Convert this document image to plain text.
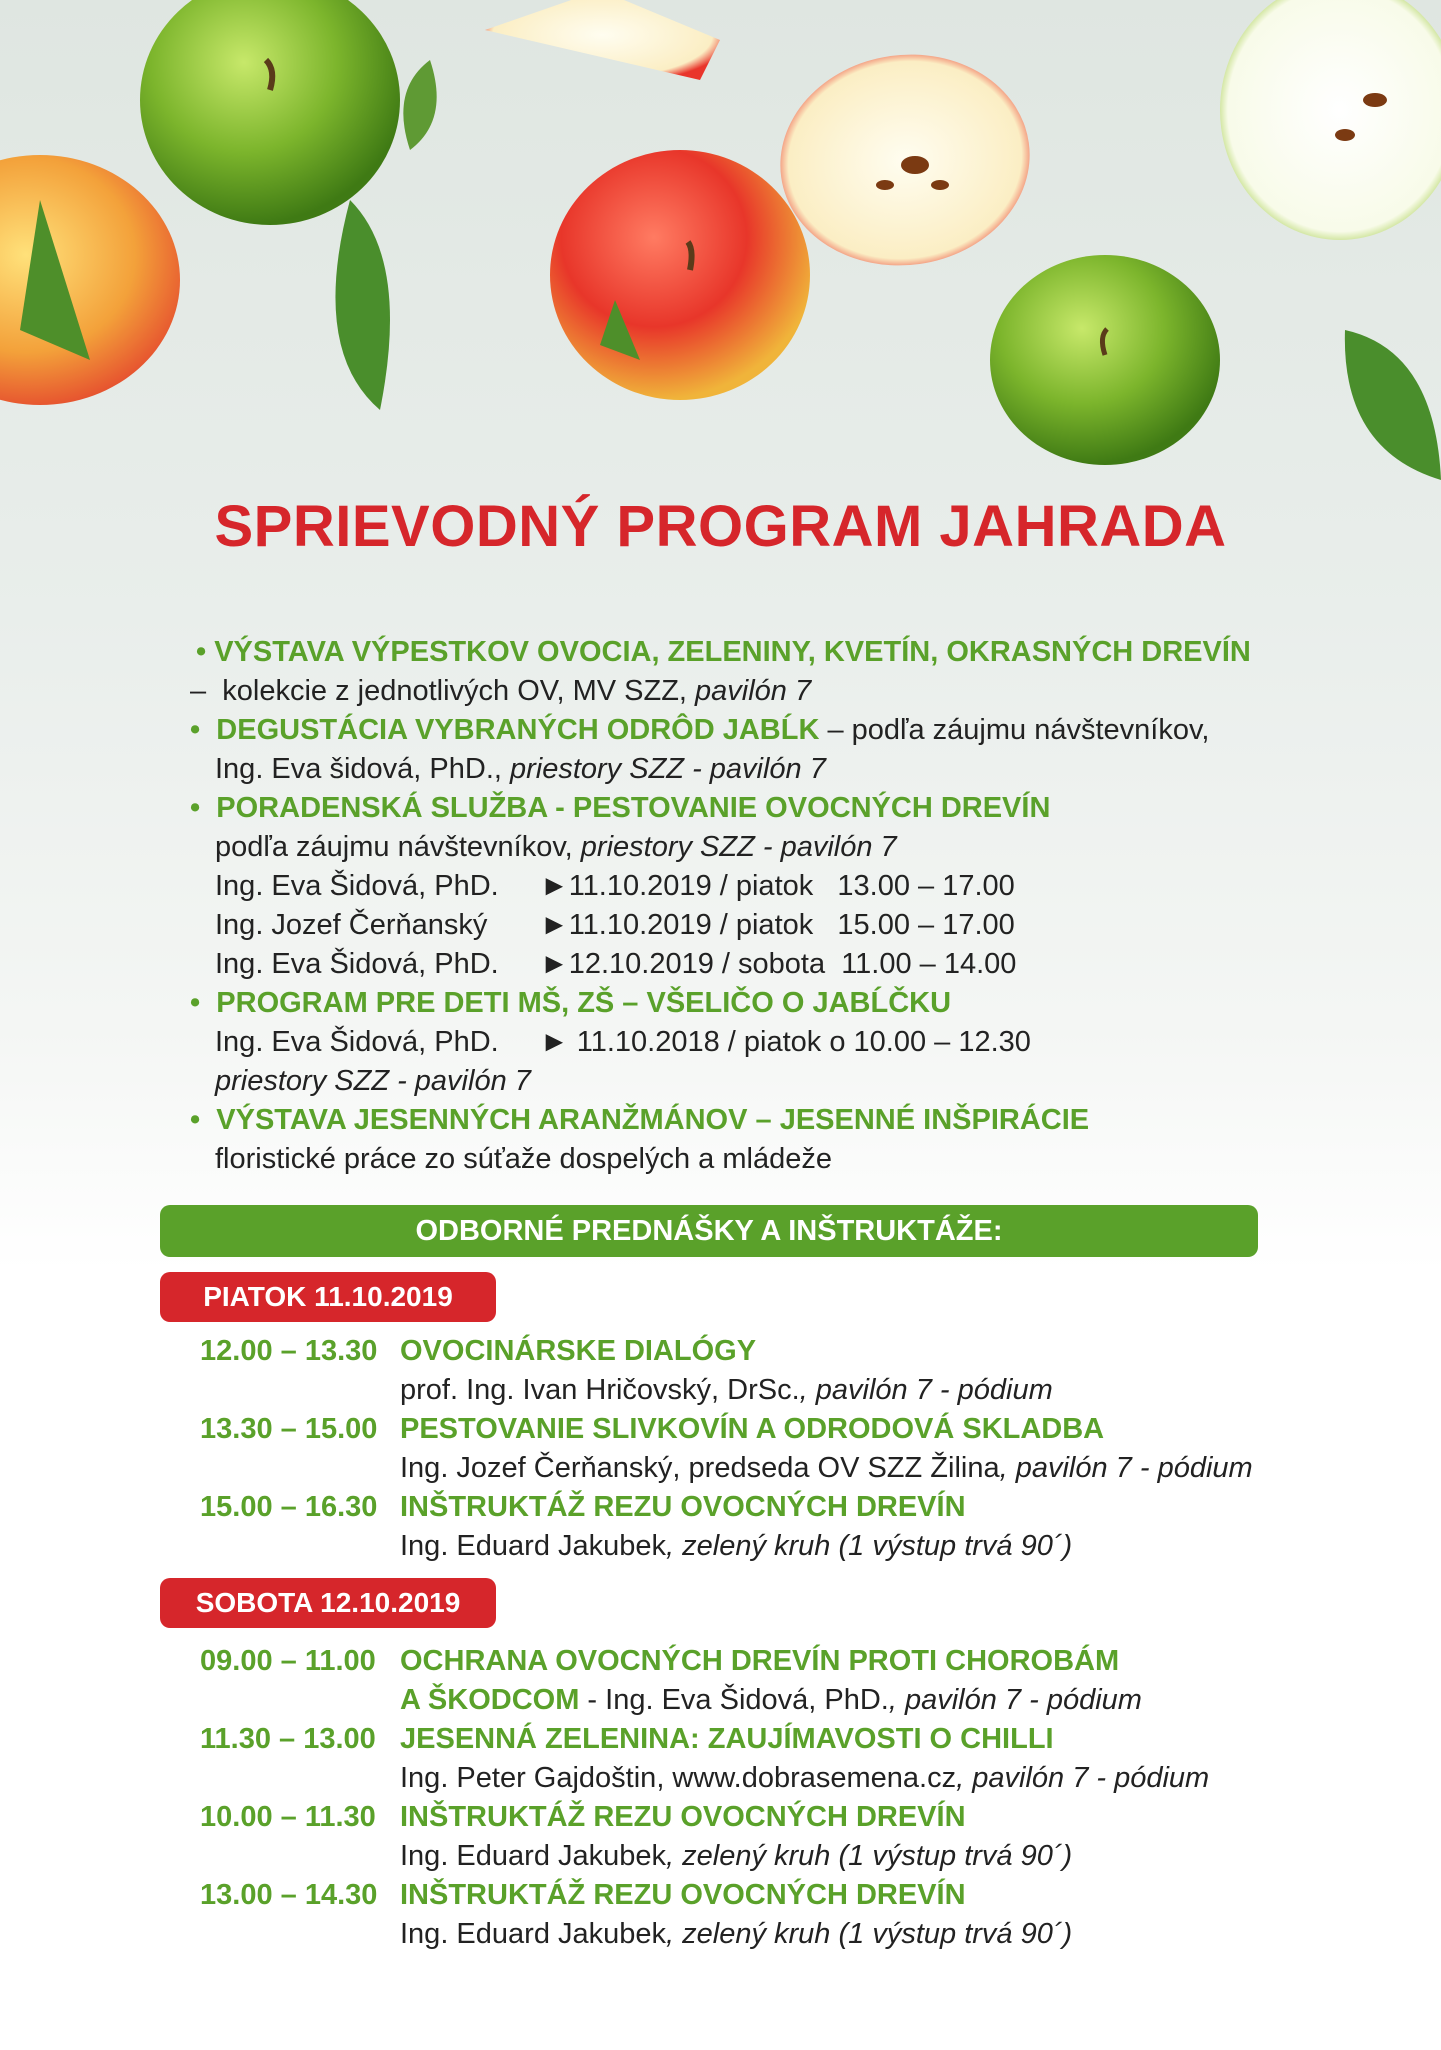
SPRIEVODNÝ PROGRAM JAHRADA
• VÝSTAVA VÝPESTKOV OVOCIA, ZELENINY, KVETÍN, OKRASNÝCH DREVÍN
– kolekcie z jednotlivých OV, MV SZZ, pavilón 7
• DEGUSTÁCIA VYBRANÝCH ODRÔD JABĹK – podľa záujmu návštevníkov,
Ing. Eva šidová, PhD., priestory SZZ - pavilón 7
• PORADENSKÁ SLUŽBA - PESTOVANIE OVOCNÝCH DREVÍN
podľa záujmu návštevníkov, priestory SZZ - pavilón 7
Ing. Eva Šidová, PhD. ►11.10.2019 / piatok   13.00 – 17.00
Ing. Jozef Čerňanský ►11.10.2019 / piatok   15.00 – 17.00
Ing. Eva Šidová, PhD. ►12.10.2019 / sobota  11.00 – 14.00
• PROGRAM PRE DETI MŠ, ZŠ – VŠELIČO O JABĹČKU
Ing. Eva Šidová, PhD. ► 11.10.2018 / piatok o 10.00 – 12.30
priestory SZZ - pavilón 7
• VÝSTAVA JESENNÝCH ARANŽMÁNOV – JESENNÉ INŠPIRÁCIE
floristické práce zo súťaže dospelých a mládeže
ODBORNÉ PREDNÁŠKY A INŠTRUKTÁŽE:
PIATOK 11.10.2019
12.00 – 13.30 OVOCINÁRSKE DIALÓGY
prof. Ing. Ivan Hričovský, DrSc., pavilón 7 - pódium
13.30 – 15.00 PESTOVANIE SLIVKOVÍN A ODRODOVÁ SKLADBA
Ing. Jozef Čerňanský, predseda OV SZZ Žilina, pavilón 7 - pódium
15.00 – 16.30 INŠTRUKTÁŽ REZU OVOCNÝCH DREVÍN
Ing. Eduard Jakubek, zelený kruh (1 výstup trvá 90´)
SOBOTA 12.10.2019
09.00 – 11.00 OCHRANA OVOCNÝCH DREVÍN PROTI CHOROBÁM
A ŠKODCOM - Ing. Eva Šidová, PhD., pavilón 7 - pódium
11.30 – 13.00 JESENNÁ ZELENINA: ZAUJÍMAVOSTI O CHILLI
Ing. Peter Gajdoštin, www.dobrasemena.cz, pavilón 7 - pódium
10.00 – 11.30 INŠTRUKTÁŽ REZU OVOCNÝCH DREVÍN
Ing. Eduard Jakubek, zelený kruh (1 výstup trvá 90´)
13.00 – 14.30 INŠTRUKTÁŽ REZU OVOCNÝCH DREVÍN
Ing. Eduard Jakubek, zelený kruh (1 výstup trvá 90´)
